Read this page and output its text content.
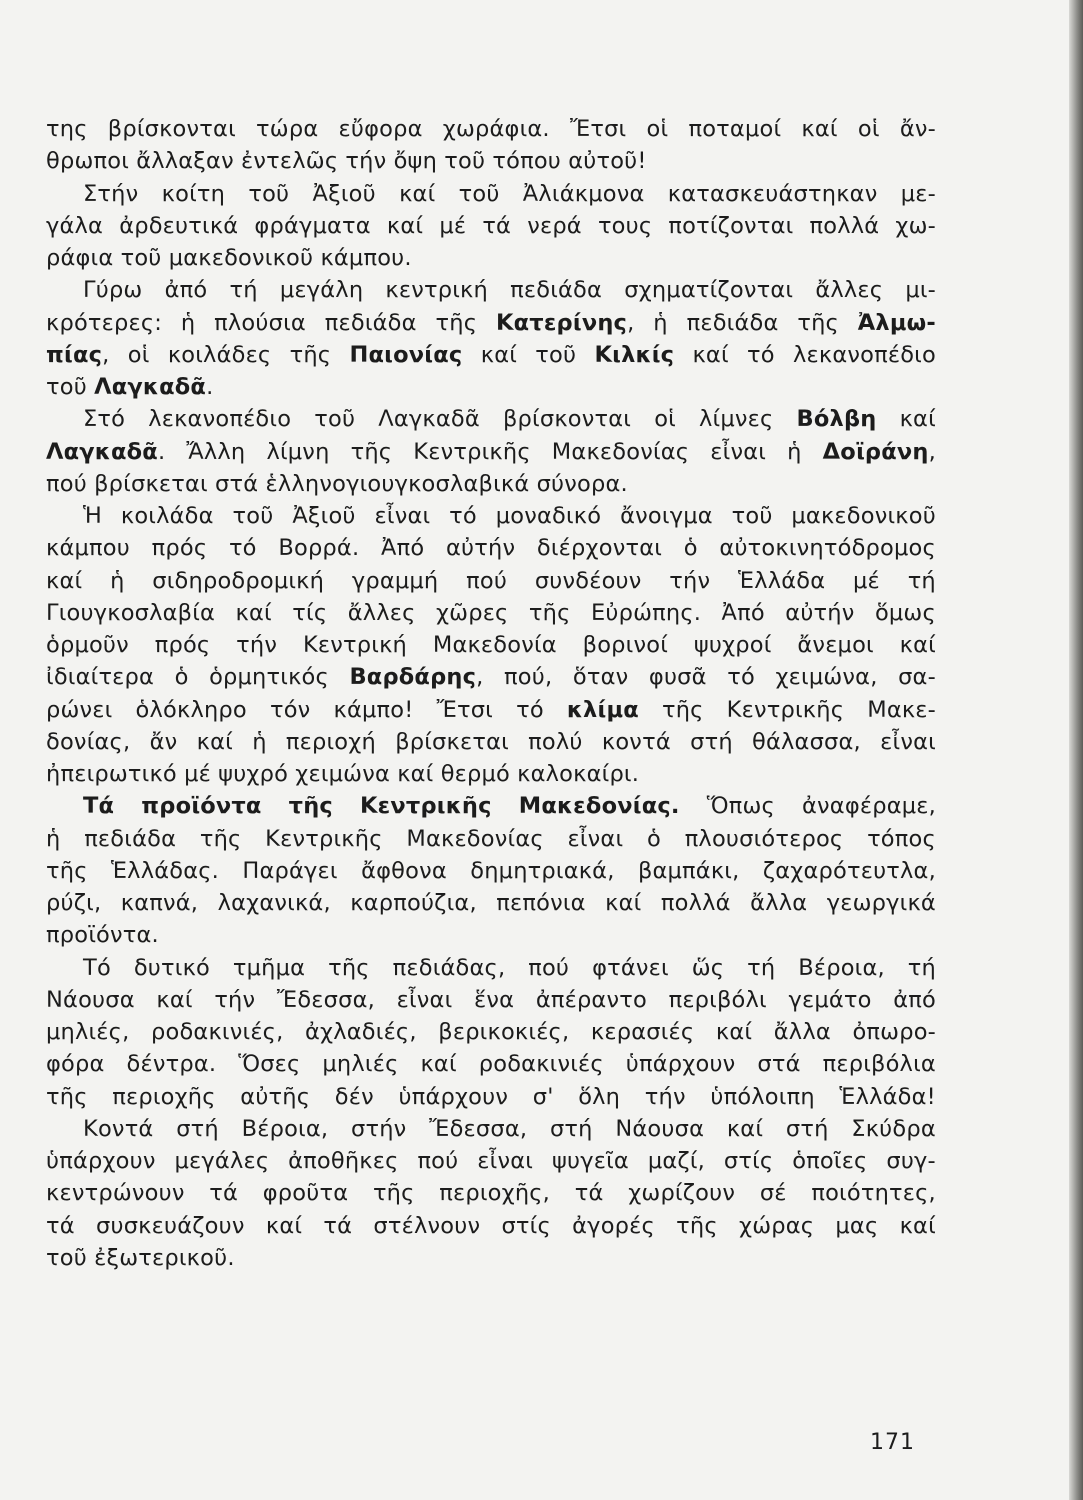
της βρίσκονται τώρα εὔφορα χωράφια. Ἔτσι οἱ ποταμοί καί οἱ ἄν-
θρωποι ἄλλαξαν ἐντελῶς τήν ὄψη τοῦ τόπου αὐτοῦ!
Στήν κοίτη τοῦ Ἀξιοῦ καί τοῦ Ἀλιάκμονα κατασκευάστηκαν με-
γάλα ἀρδευτικά φράγματα καί μέ τά νερά τους ποτίζονται πολλά χω-
ράφια τοῦ μακεδονικοῦ κάμπου.
Γύρω ἀπό τή μεγάλη κεντρική πεδιάδα σχηματίζονται ἄλλες μι-
κρότερες: ἡ πλούσια πεδιάδα τῆς Κατερίνης, ἡ πεδιάδα τῆς Ἀλμω-
πίας, οἱ κοιλάδες τῆς Παιονίας καί τοῦ Κιλκίς καί τό λεκανοπέδιο
τοῦ Λαγκαδᾶ.
Στό λεκανοπέδιο τοῦ Λαγκαδᾶ βρίσκονται οἱ λίμνες Βόλβη καί
Λαγκαδᾶ. Ἄλλη λίμνη τῆς Κεντρικῆς Μακεδονίας εἶναι ἡ Δοϊράνη,
πού βρίσκεται στά ἑλληνογιουγκοσλαβικά σύνορα.
Ἡ κοιλάδα τοῦ Ἀξιοῦ εἶναι τό μοναδικό ἄνοιγμα τοῦ μακεδονικοῦ
κάμπου πρός τό Βορρά. Ἀπό αὐτήν διέρχονται ὁ αὐτοκινητόδρομος
καί ἡ σιδηροδρομική γραμμή πού συνδέουν τήν Ἑλλάδα μέ τή
Γιουγκοσλαβία καί τίς ἄλλες χῶρες τῆς Εὐρώπης. Ἀπό αὐτήν ὅμως
ὁρμοῦν πρός τήν Κεντρική Μακεδονία βορινοί ψυχροί ἄνεμοι καί
ἰδιαίτερα ὁ ὁρμητικός Βαρδάρης, πού, ὅταν φυσᾶ τό χειμώνα, σα-
ρώνει ὁλόκληρο τόν κάμπο! Ἔτσι τό κλίμα τῆς Κεντρικῆς Μακε-
δονίας, ἄν καί ἡ περιοχή βρίσκεται πολύ κοντά στή θάλασσα, εἶναι
ἠπειρωτικό μέ ψυχρό χειμώνα καί θερμό καλοκαίρι.
Τά προϊόντα τῆς Κεντρικῆς Μακεδονίας. Ὅπως ἀναφέραμε,
ἡ πεδιάδα τῆς Κεντρικῆς Μακεδονίας εἶναι ὁ πλουσιότερος τόπος
τῆς Ἑλλάδας. Παράγει ἄφθονα δημητριακά, βαμπάκι, ζαχαρότευτλα,
ρύζι, καπνά, λαχανικά, καρπούζια, πεπόνια καί πολλά ἄλλα γεωργικά
προϊόντα.
Τό δυτικό τμῆμα τῆς πεδιάδας, πού φτάνει ὥς τή Βέροια, τή
Νάουσα καί τήν Ἔδεσσα, εἶναι ἕνα ἀπέραντο περιβόλι γεμάτο ἀπό
μηλιές, ροδακινιές, ἀχλαδιές, βερικοκιές, κερασιές καί ἄλλα ὀπωρο-
φόρα δέντρα. Ὅσες μηλιές καί ροδακινιές ὑπάρχουν στά περιβόλια
τῆς περιοχῆς αὐτῆς δέν ὑπάρχουν σ' ὅλη τήν ὑπόλοιπη Ἑλλάδα!
Κοντά στή Βέροια, στήν Ἔδεσσα, στή Νάουσα καί στή Σκύδρα
ὑπάρχουν μεγάλες ἀποθῆκες πού εἶναι ψυγεῖα μαζί, στίς ὁποῖες συγ-
κεντρώνουν τά φροῦτα τῆς περιοχῆς, τά χωρίζουν σέ ποιότητες,
τά συσκευάζουν καί τά στέλνουν στίς ἀγορές τῆς χώρας μας καί
τοῦ ἐξωτερικοῦ.
171
